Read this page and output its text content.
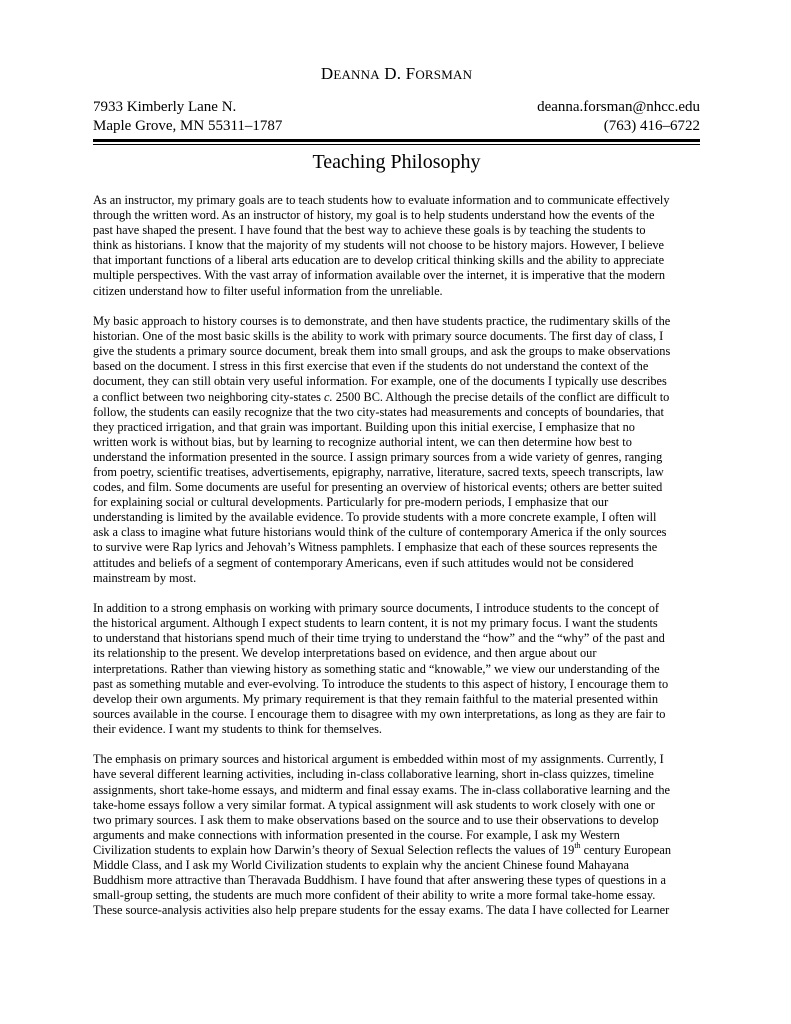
DEANNA D. FORSMAN
7933 Kimberly Lane N.	deanna.forsman@nhcc.edu
Maple Grove, MN 55311–1787	(763) 416–6722
Teaching Philosophy

As an instructor, my primary goals are to teach students how to evaluate information and to communicate effectively
through the written word. As an instructor of history, my goal is to help students understand how the events of the
past have shaped the present. I have found that the best way to achieve these goals is by teaching the students to
think as historians. I know that the majority of my students will not choose to be history majors. However, I believe
that important functions of a liberal arts education are to develop critical thinking skills and the ability to appreciate
multiple perspectives. With the vast array of information available over the internet, it is imperative that the modern
citizen understand how to filter useful information from the unreliable.

My basic approach to history courses is to demonstrate, and then have students practice, the rudimentary skills of the
historian. One of the most basic skills is the ability to work with primary source documents. The first day of class, I
give the students a primary source document, break them into small groups, and ask the groups to make observations
based on the document. I stress in this first exercise that even if the students do not understand the context of the
document, they can still obtain very useful information. For example, one of the documents I typically use describes
a conflict between two neighboring city-states c. 2500 BC. Although the precise details of the conflict are difficult to
follow, the students can easily recognize that the two city-states had measurements and concepts of boundaries, that
they practiced irrigation, and that grain was important. Building upon this initial exercise, I emphasize that no
written work is without bias, but by learning to recognize authorial intent, we can then determine how best to
understand the information presented in the source. I assign primary sources from a wide variety of genres, ranging
from poetry, scientific treatises, advertisements, epigraphy, narrative, literature, sacred texts, speech transcripts, law
codes, and film. Some documents are useful for presenting an overview of historical events; others are better suited
for explaining social or cultural developments. Particularly for pre-modern periods, I emphasize that our
understanding is limited by the available evidence. To provide students with a more concrete example, I often will
ask a class to imagine what future historians would think of the culture of contemporary America if the only sources
to survive were Rap lyrics and Jehovah’s Witness pamphlets. I emphasize that each of these sources represents the
attitudes and beliefs of a segment of contemporary Americans, even if such attitudes would not be considered
mainstream by most.

In addition to a strong emphasis on working with primary source documents, I introduce students to the concept of
the historical argument. Although I expect students to learn content, it is not my primary focus. I want the students
to understand that historians spend much of their time trying to understand the “how” and the “why” of the past and
its relationship to the present. We develop interpretations based on evidence, and then argue about our
interpretations. Rather than viewing history as something static and “knowable,” we view our understanding of the
past as something mutable and ever-evolving. To introduce the students to this aspect of history, I encourage them to
develop their own arguments. My primary requirement is that they remain faithful to the material presented within
sources available in the course. I encourage them to disagree with my own interpretations, as long as they are fair to
their evidence. I want my students to think for themselves.

The emphasis on primary sources and historical argument is embedded within most of my assignments. Currently, I
have several different learning activities, including in-class collaborative learning, short in-class quizzes, timeline
assignments, short take-home essays, and midterm and final essay exams. The in-class collaborative learning and the
take-home essays follow a very similar format. A typical assignment will ask students to work closely with one or
two primary sources. I ask them to make observations based on the source and to use their observations to develop
arguments and make connections with information presented in the course. For example, I ask my Western
Civilization students to explain how Darwin’s theory of Sexual Selection reflects the values of 19th century European
Middle Class, and I ask my World Civilization students to explain why the ancient Chinese found Mahayana
Buddhism more attractive than Theravada Buddhism. I have found that after answering these types of questions in a
small-group setting, the students are much more confident of their ability to write a more formal take-home essay.
These source-analysis activities also help prepare students for the essay exams. The data I have collected for Learner
